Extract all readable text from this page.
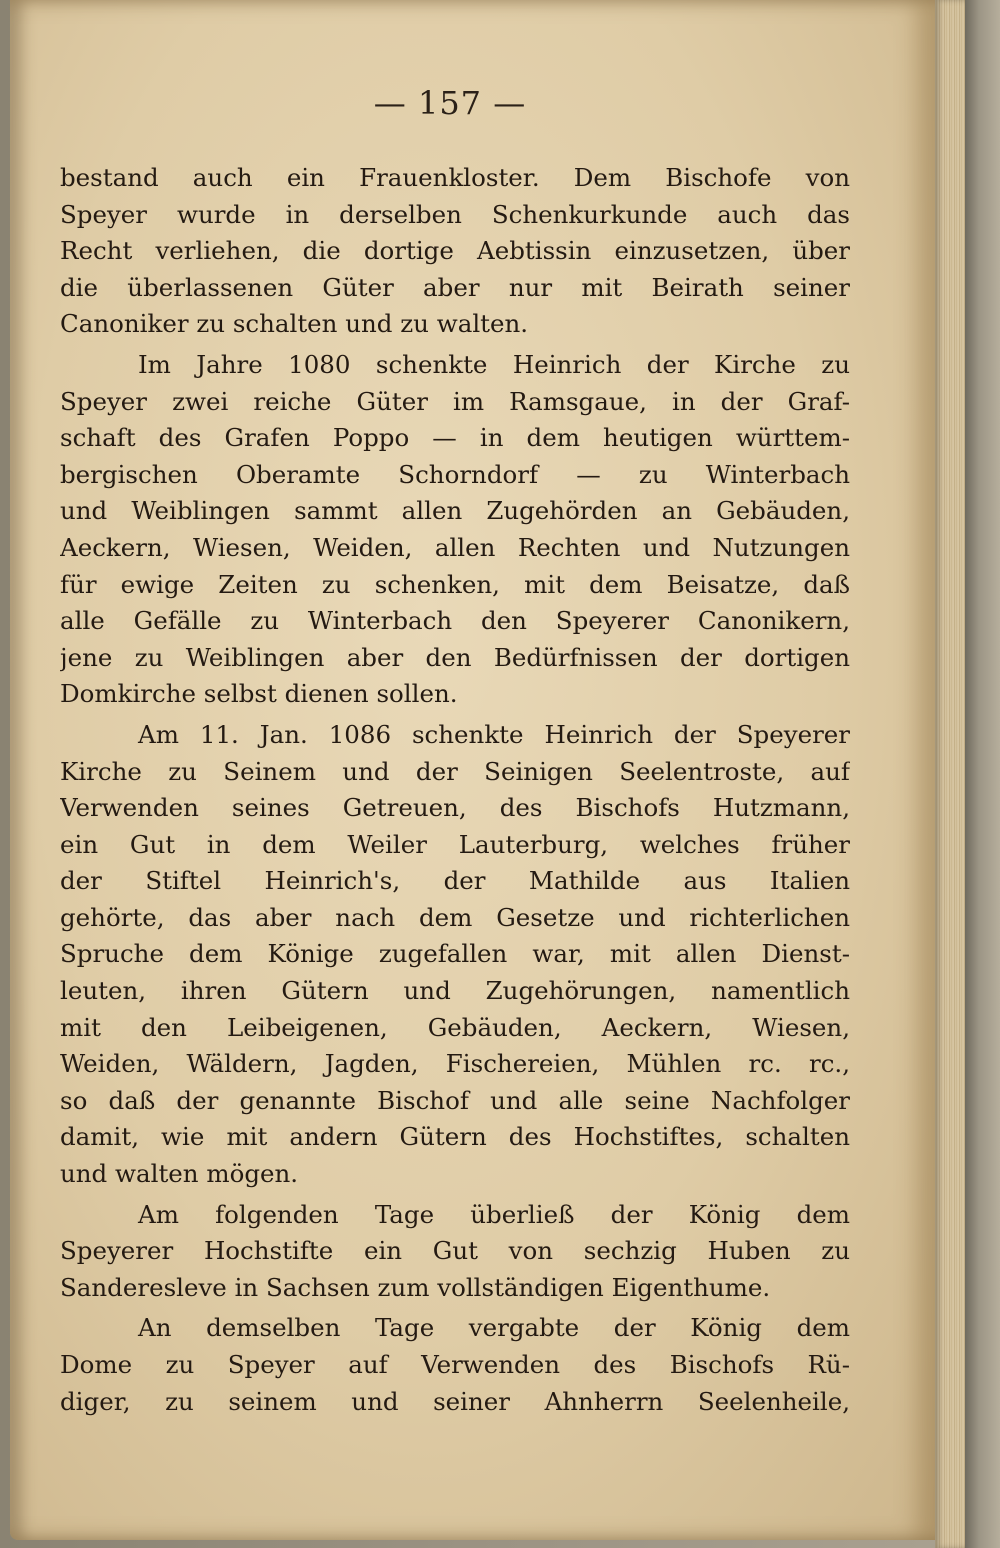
— 157 —
bestand auch ein Frauenkloster. Dem Bischofe von
Speyer wurde in derselben Schenkurkunde auch das
Recht verliehen, die dortige Aebtissin einzusetzen, über
die überlassenen Güter aber nur mit Beirath seiner
Canoniker zu schalten und zu walten.
Im Jahre 1080 schenkte Heinrich der Kirche zu
Speyer zwei reiche Güter im Ramsgaue, in der Graf-
schaft des Grafen Poppo — in dem heutigen württem-
bergischen Oberamte Schorndorf — zu Winterbach
und Weiblingen sammt allen Zugehörden an Gebäuden,
Aeckern, Wiesen, Weiden, allen Rechten und Nutzungen
für ewige Zeiten zu schenken, mit dem Beisatze, daß
alle Gefälle zu Winterbach den Speyerer Canonikern,
jene zu Weiblingen aber den Bedürfnissen der dortigen
Domkirche selbst dienen sollen.
Am 11. Jan. 1086 schenkte Heinrich der Speyerer
Kirche zu Seinem und der Seinigen Seelentroste, auf
Verwenden seines Getreuen, des Bischofs Hutzmann,
ein Gut in dem Weiler Lauterburg, welches früher
der Stiftel Heinrich's, der Mathilde aus Italien
gehörte, das aber nach dem Gesetze und richterlichen
Spruche dem Könige zugefallen war, mit allen Dienst-
leuten, ihren Gütern und Zugehörungen, namentlich
mit den Leibeigenen, Gebäuden, Aeckern, Wiesen,
Weiden, Wäldern, Jagden, Fischereien, Mühlen rc. rc.,
so daß der genannte Bischof und alle seine Nachfolger
damit, wie mit andern Gütern des Hochstiftes, schalten
und walten mögen.
Am folgenden Tage überließ der König dem
Speyerer Hochstifte ein Gut von sechzig Huben zu
Sanderesleve in Sachsen zum vollständigen Eigenthume.
An demselben Tage vergabte der König dem
Dome zu Speyer auf Verwenden des Bischofs Rü-
diger, zu seinem und seiner Ahnherrn Seelenheile,
